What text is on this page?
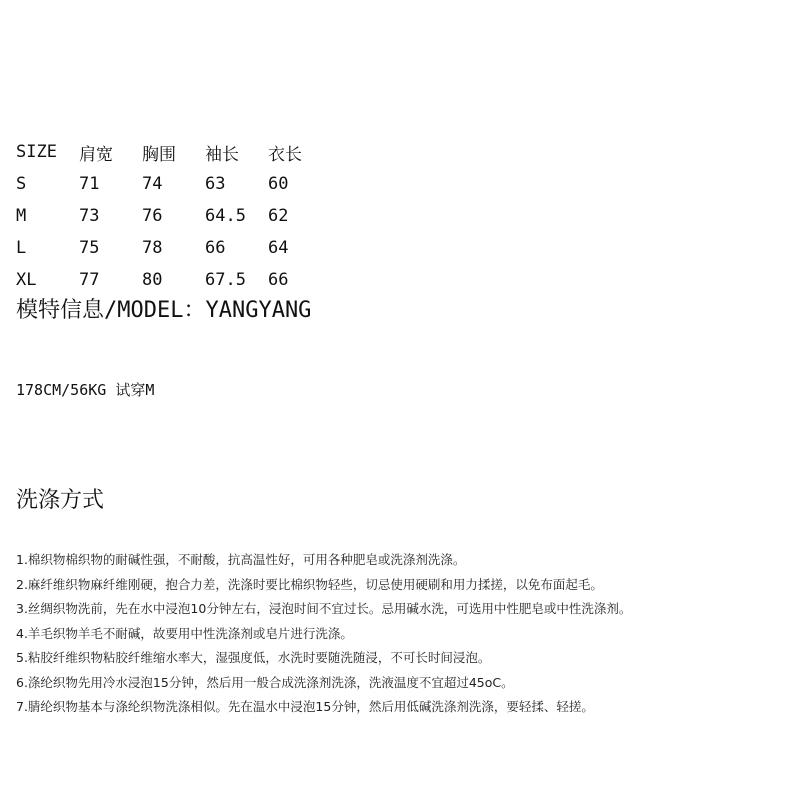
SIZE	肩宽	胸围	袖长	衣长
S	71	74	63	60
M	73	76	64.5	62
L	75	78	66	64
XL	77	80	67.5	66
模特信息/MODEL：YANGYANG
178CM/56KG 试穿M
洗涤方式
1.棉织物棉织物的耐碱性强，不耐酸，抗高温性好，可用各种肥皂或洗涤剂洗涤。
2.麻纤维织物麻纤维刚硬，抱合力差，洗涤时要比棉织物轻些，切忌使用硬刷和用力揉搓，以免布面起毛。
3.丝绸织物洗前，先在水中浸泡10分钟左右，浸泡时间不宜过长。忌用碱水洗，可选用中性肥皂或中性洗涤剂。
4.羊毛织物羊毛不耐碱，故要用中性洗涤剂或皂片进行洗涤。
5.粘胶纤维织物粘胶纤维缩水率大，湿强度低，水洗时要随洗随浸，不可长时间浸泡。
6.涤纶织物先用冷水浸泡15分钟，然后用一般合成洗涤剂洗涤，洗液温度不宜超过45oC。
7.腈纶织物基本与涤纶织物洗涤相似。先在温水中浸泡15分钟，然后用低碱洗涤剂洗涤，要轻揉、轻搓。
